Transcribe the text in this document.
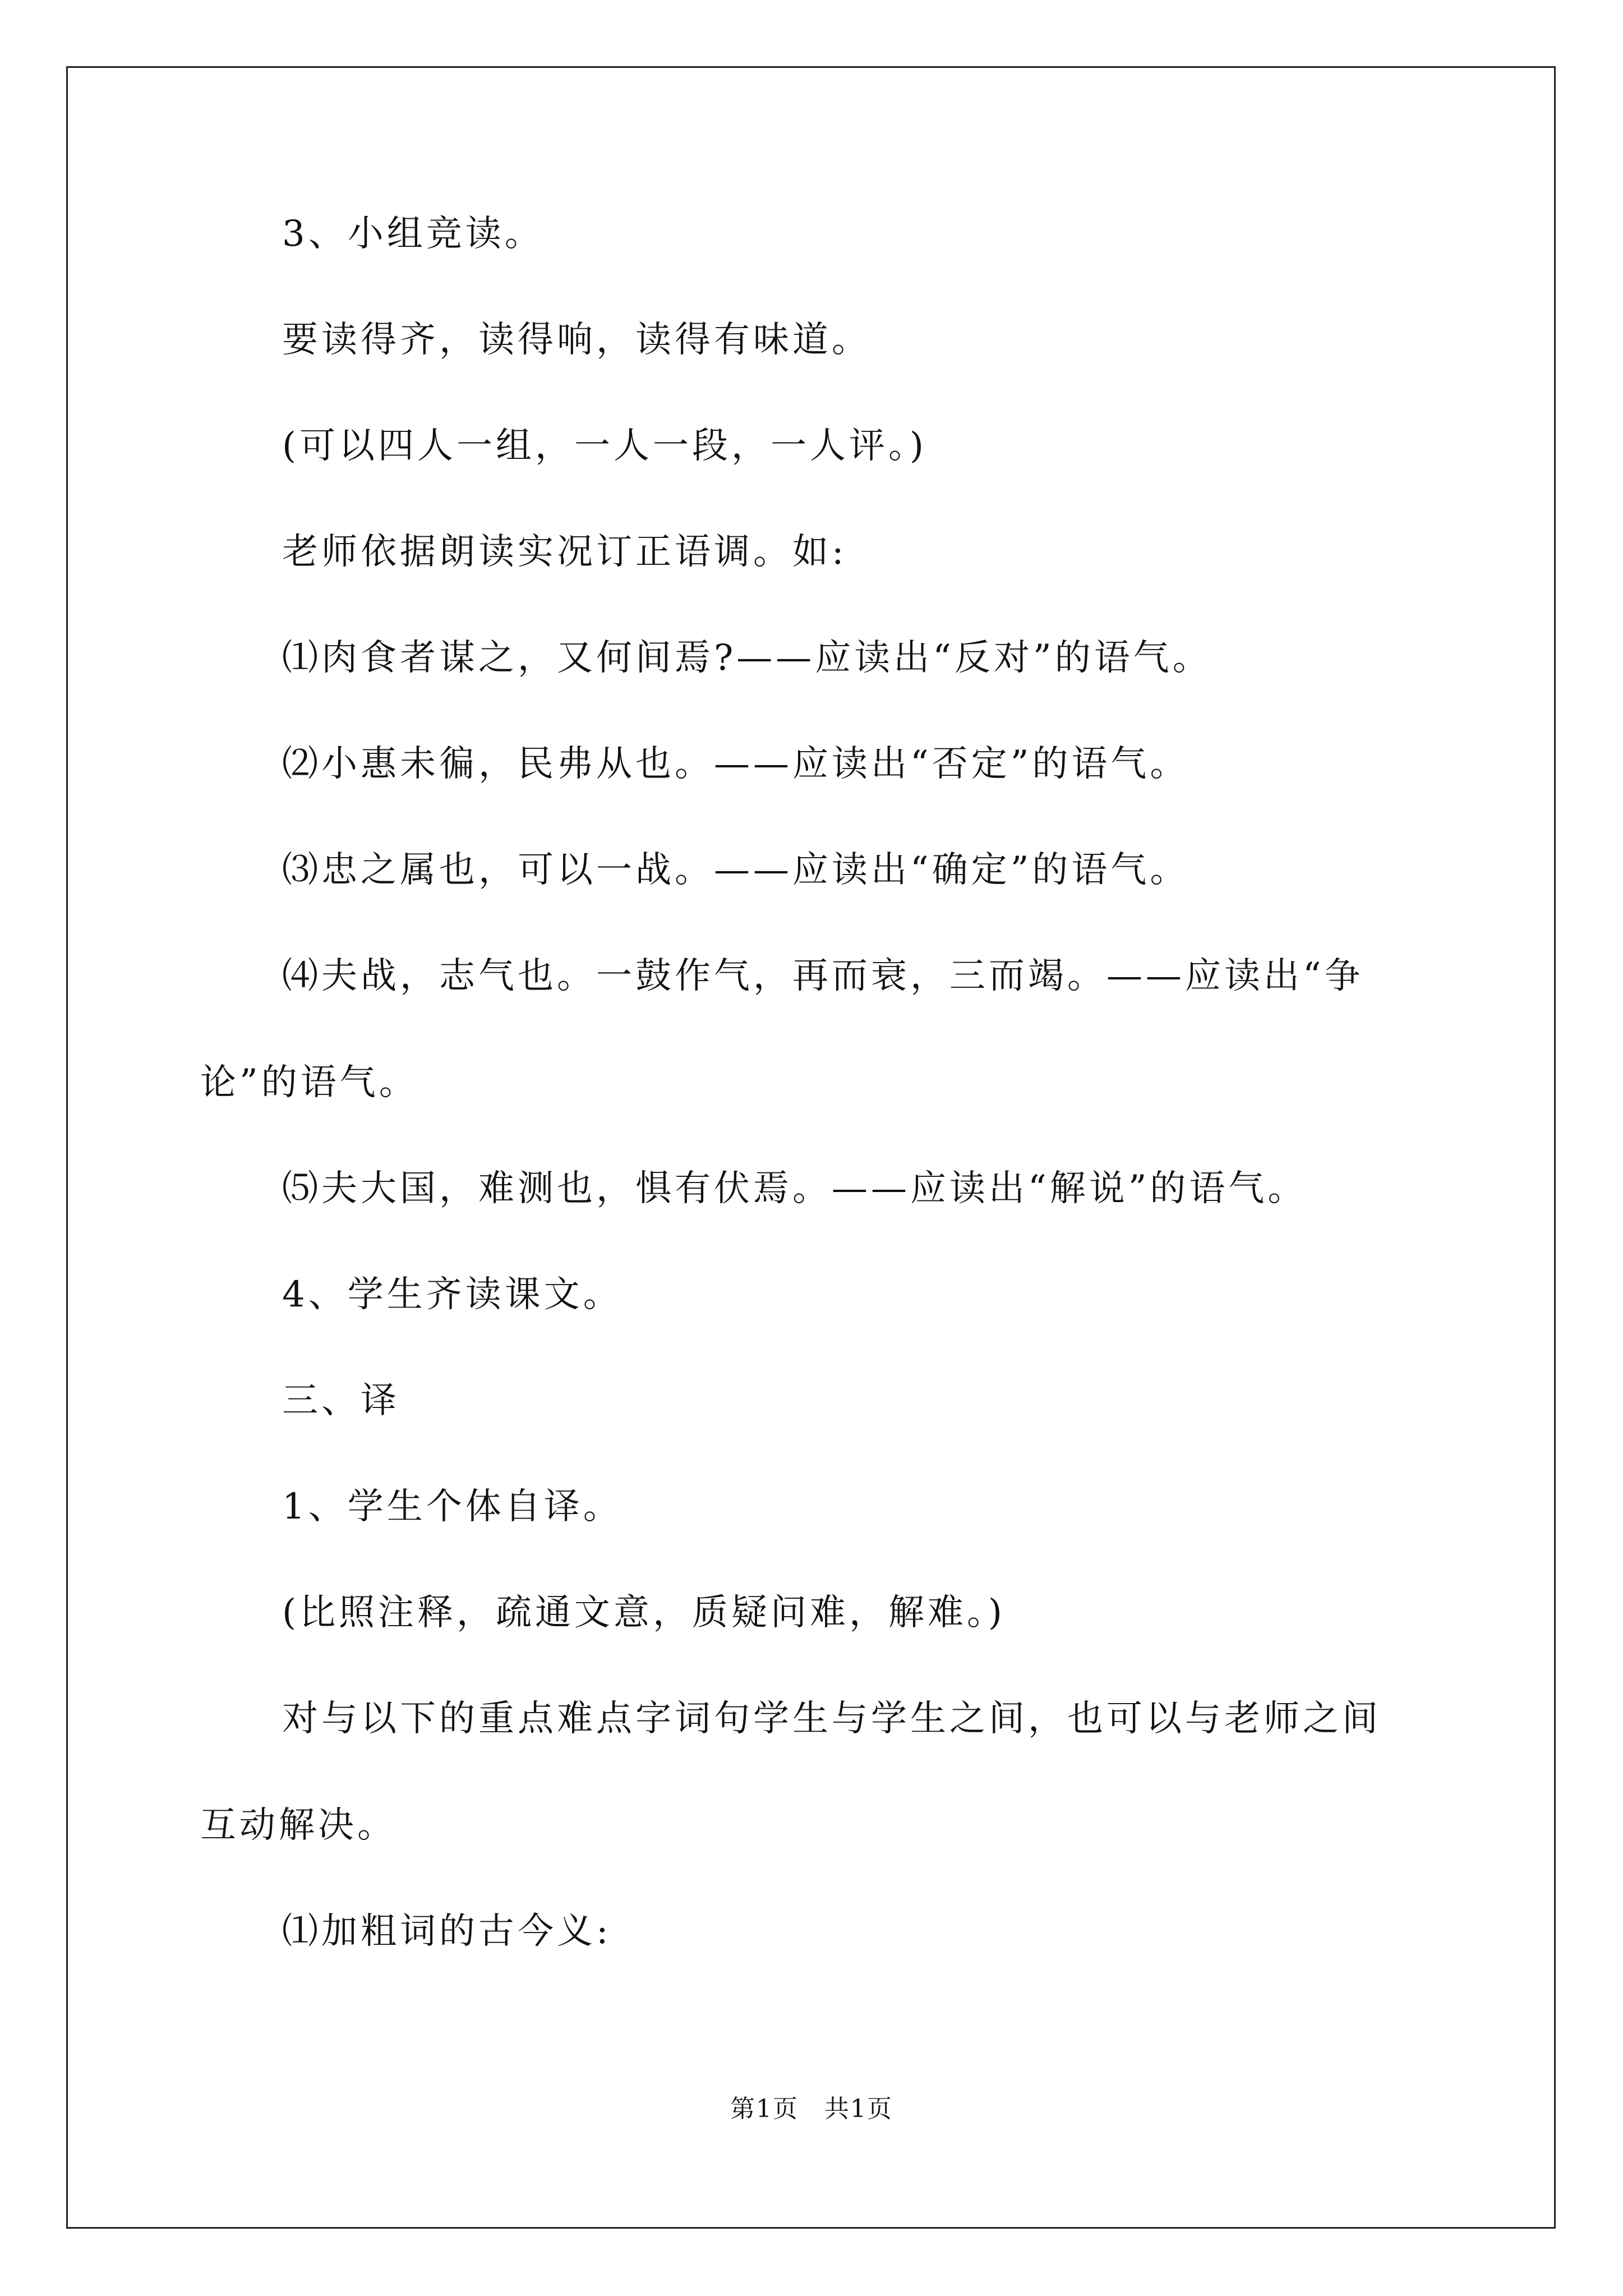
3、小组竞读。

要读得齐，读得响，读得有味道。

(可以四人一组，一人一段，一人评。)

老师依据朗读实况订正语调。如:

⑴肉食者谋之，又何间焉?——应读出“反对”的语气。

⑵小惠未徧，民弗从也。——应读出“否定”的语气。

⑶忠之属也，可以一战。——应读出“确定”的语气。

⑷夫战，志气也。一鼓作气，再而衰，三而竭。——应读出“争

论”的语气。

⑸夫大国，难测也，惧有伏焉。——应读出“解说”的语气。

4、学生齐读课文。

三、译

1、学生个体自译。

(比照注释，疏通文意，质疑问难，解难。)

对与以下的重点难点字词句学生与学生之间，也可以与老师之间

互动解决。

⑴加粗词的古今义:

第1页　共1页
